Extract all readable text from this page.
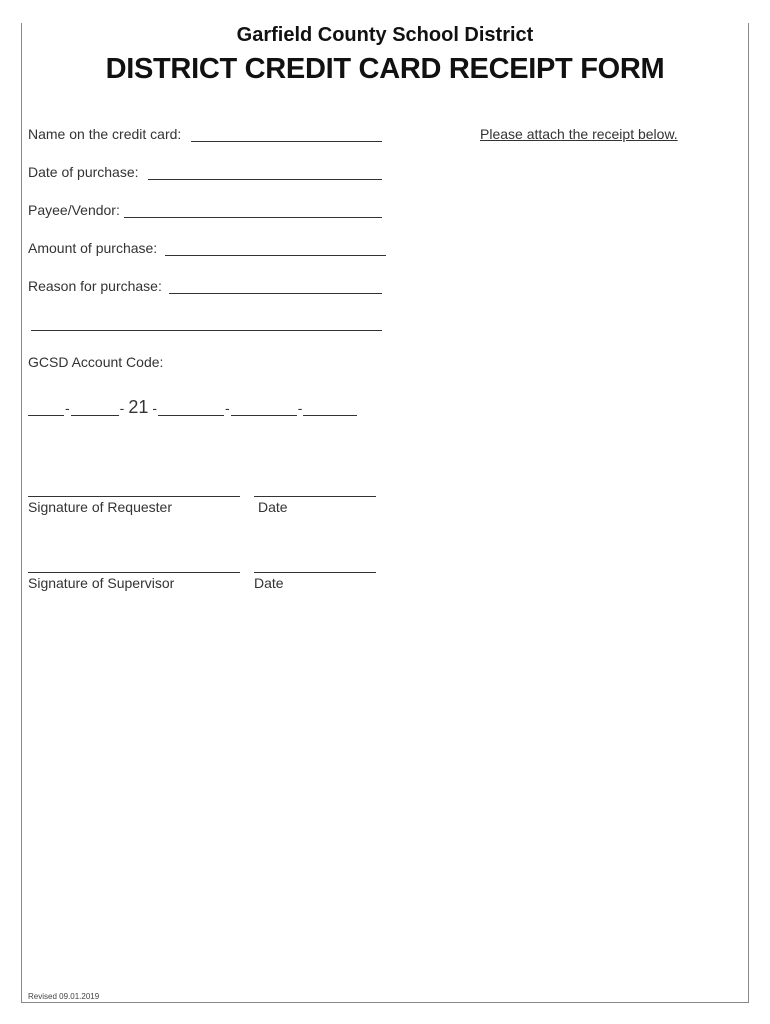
Garfield County School District
DISTRICT CREDIT CARD RECEIPT FORM
Name on the credit card:	Please attach the receipt below.
Date of purchase:
Payee/Vendor:
Amount of purchase:
Reason for purchase:
GCSD Account Code:
-	- 21 -	-	-
Signature of Requester	Date
Signature of Supervisor	Date
Revised 09.01.2019
